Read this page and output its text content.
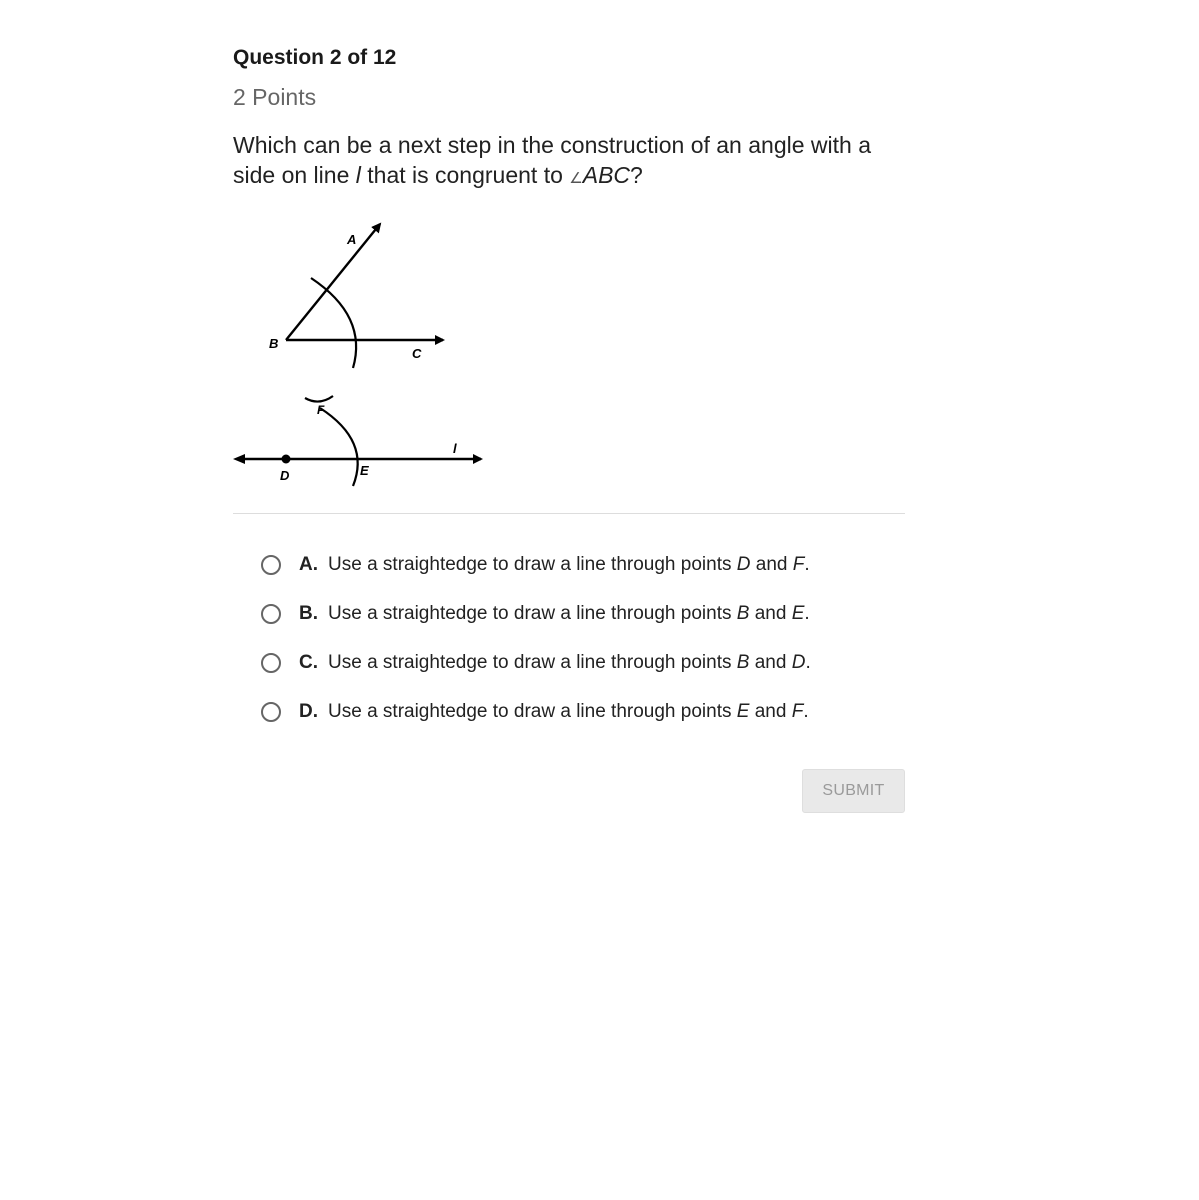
Question 2 of 12
2 Points
Which can be a next step in the construction of an angle with a side on line l that is congruent to ∠ABC?
A
B
C
D	E
F
l
A. Use a straightedge to draw a line through points D and F.
B. Use a straightedge to draw a line through points B and E.
C. Use a straightedge to draw a line through points B and D.
D. Use a straightedge to draw a line through points E and F.
SUBMIT
